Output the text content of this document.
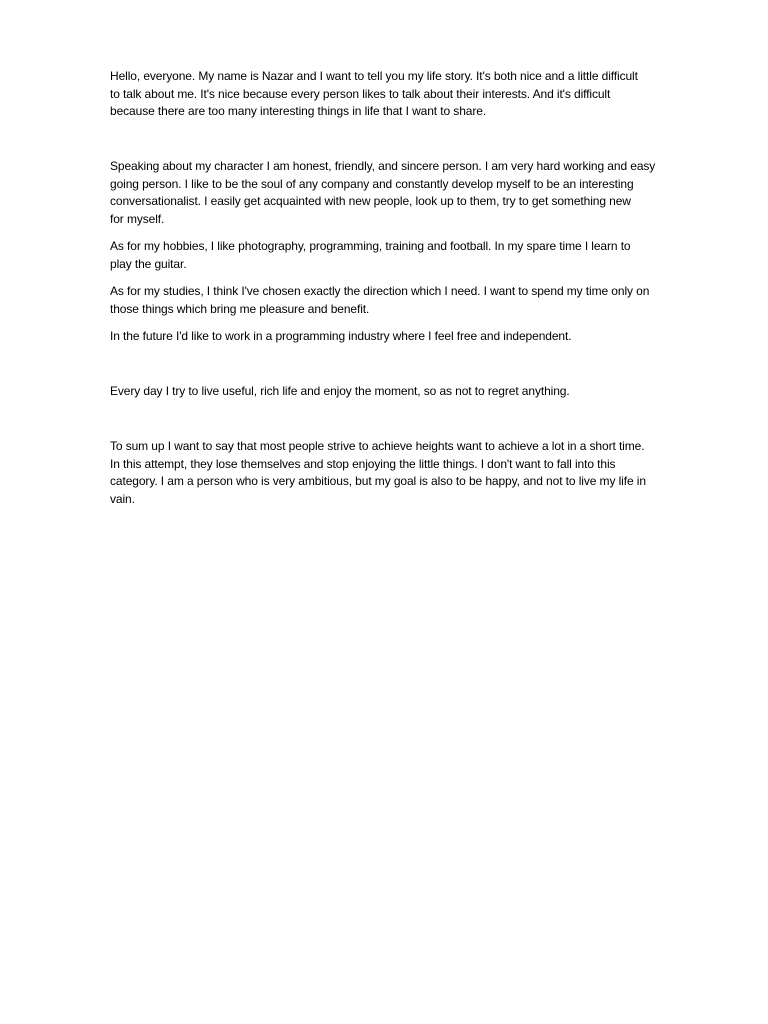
Hello, everyone. My name is Nazar and I want to tell you my life story. It's both nice and a little difficult
to talk about me. It's nice because every person likes to talk about their interests. And it's difficult
because there are too many interesting things in life that I want to share.

Speaking about my character I am honest, friendly, and sincere person. I am very hard working and easy
going person. I like to be the soul of any company and constantly develop myself to be an interesting
conversationalist. I easily get acquainted with new people, look up to them, try to get something new
for myself.

As for my hobbies, I like photography, programming, training and football. In my spare time I learn to
play the guitar.

As for my studies, I think I've chosen exactly the direction which I need. I want to spend my time only on
those things which bring me pleasure and benefit.

In the future I'd like to work in a programming industry where I feel free and independent.

Every day I try to live useful, rich life and enjoy the moment, so as not to regret anything.

To sum up I want to say that most people strive to achieve heights want to achieve a lot in a short time.
In this attempt, they lose themselves and stop enjoying the little things. I don't want to fall into this
category. I am a person who is very ambitious, but my goal is also to be happy, and not to live my life in
vain.
